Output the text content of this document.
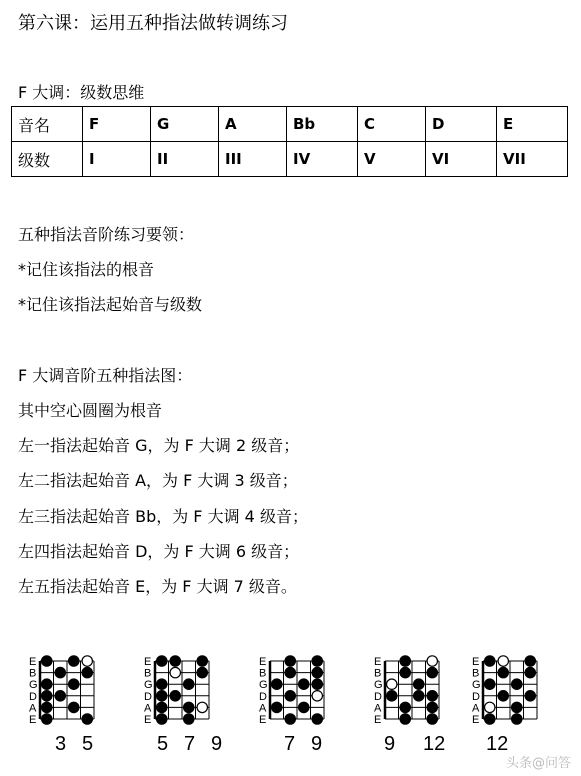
第六课：运用五种指法做转调练习
F 大调：级数思维
音名	F	G	A	Bb	C	D	E
级数	I	II	III	IV	V	VI	VII
五种指法音阶练习要领：
*记住该指法的根音
*记住该指法起始音与级数
F 大调音阶五种指法图：
其中空心圆圈为根音
左一指法起始音 G，为 F 大调 2 级音；
左二指法起始音 A，为 F 大调 3 级音；
左三指法起始音 Bb，为 F 大调 4 级音；
左四指法起始音 D，为 F 大调 6 级音；
左五指法起始音 E，为 F 大调 7 级音。
E
B
G
D
A
E
E
B
G
D
A
E
E
B
G
D
A
E
E
B
G
D
A
E
E
B
G
D
A
E
3 5	5 7 9	7 9	9 12 12
头条@问答
